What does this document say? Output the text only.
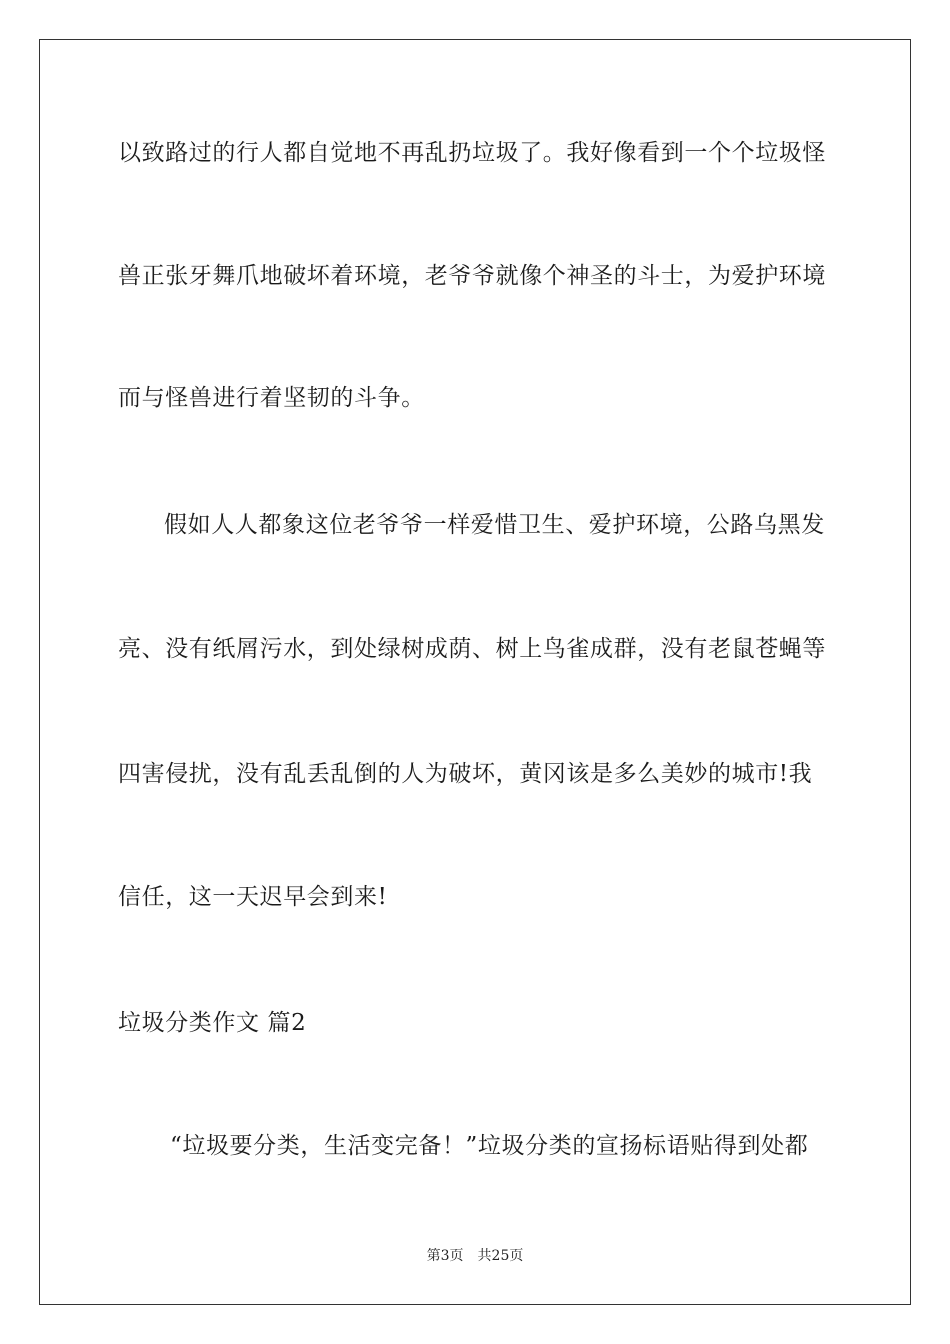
以致路过的行人都自觉地不再乱扔垃圾了。我好像看到一个个垃圾怪
兽正张牙舞爪地破坏着环境，老爷爷就像个神圣的斗士，为爱护环境
而与怪兽进行着坚韧的斗争。
假如人人都象这位老爷爷一样爱惜卫生、爱护环境，公路乌黑发
亮、没有纸屑污水，到处绿树成荫、树上鸟雀成群，没有老鼠苍蝇等
四害侵扰，没有乱丢乱倒的人为破坏，黄冈该是多么美妙的城市!我
信任，这一天迟早会到来!
垃圾分类作文 篇2
“垃圾要分类，生活变完备！”垃圾分类的宣扬标语贴得到处都
第3页 共25页
